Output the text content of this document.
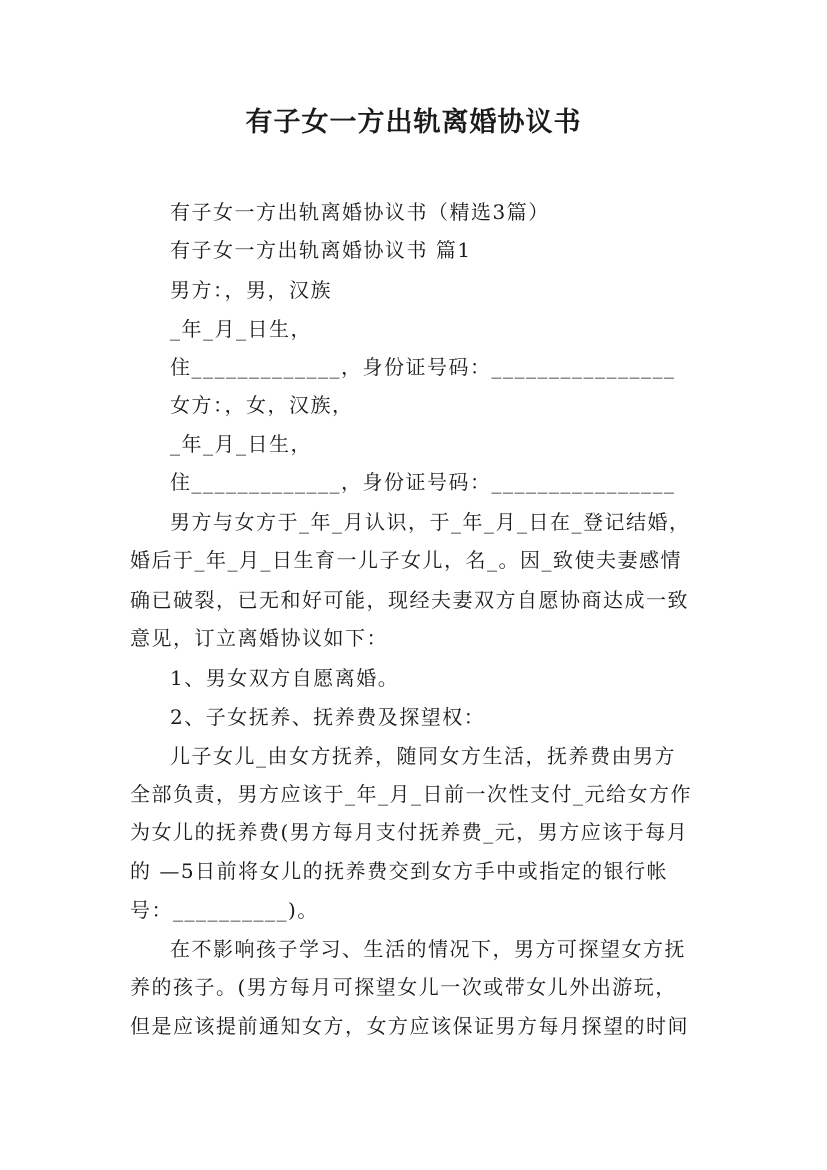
有子女一方出轨离婚协议书
有子女一方出轨离婚协议书（精选3篇）
有子女一方出轨离婚协议书 篇1
男方：，男，汉族
_年_月_日生，
住_____________，身份证号码：________________
女方：，女，汉族，
_年_月_日生，
住_____________，身份证号码：________________
男方与女方于_年_月认识，于_年_月_日在_登记结婚，
婚后于_年_月_日生育一儿子女儿，名_。因_致使夫妻感情
确已破裂，已无和好可能，现经夫妻双方自愿协商达成一致
意见，订立离婚协议如下：
1、男女双方自愿离婚。
2、子女抚养、抚养费及探望权：
儿子女儿_由女方抚养，随同女方生活，抚养费由男方
全部负责，男方应该于_年_月_日前一次性支付_元给女方作
为女儿的抚养费(男方每月支付抚养费_元，男方应该于每月
的 —5日前将女儿的抚养费交到女方手中或指定的银行帐
号：__________)。
在不影响孩子学习、生活的情况下，男方可探望女方抚
养的孩子。(男方每月可探望女儿一次或带女儿外出游玩，
但是应该提前通知女方，女方应该保证男方每月探望的时间
